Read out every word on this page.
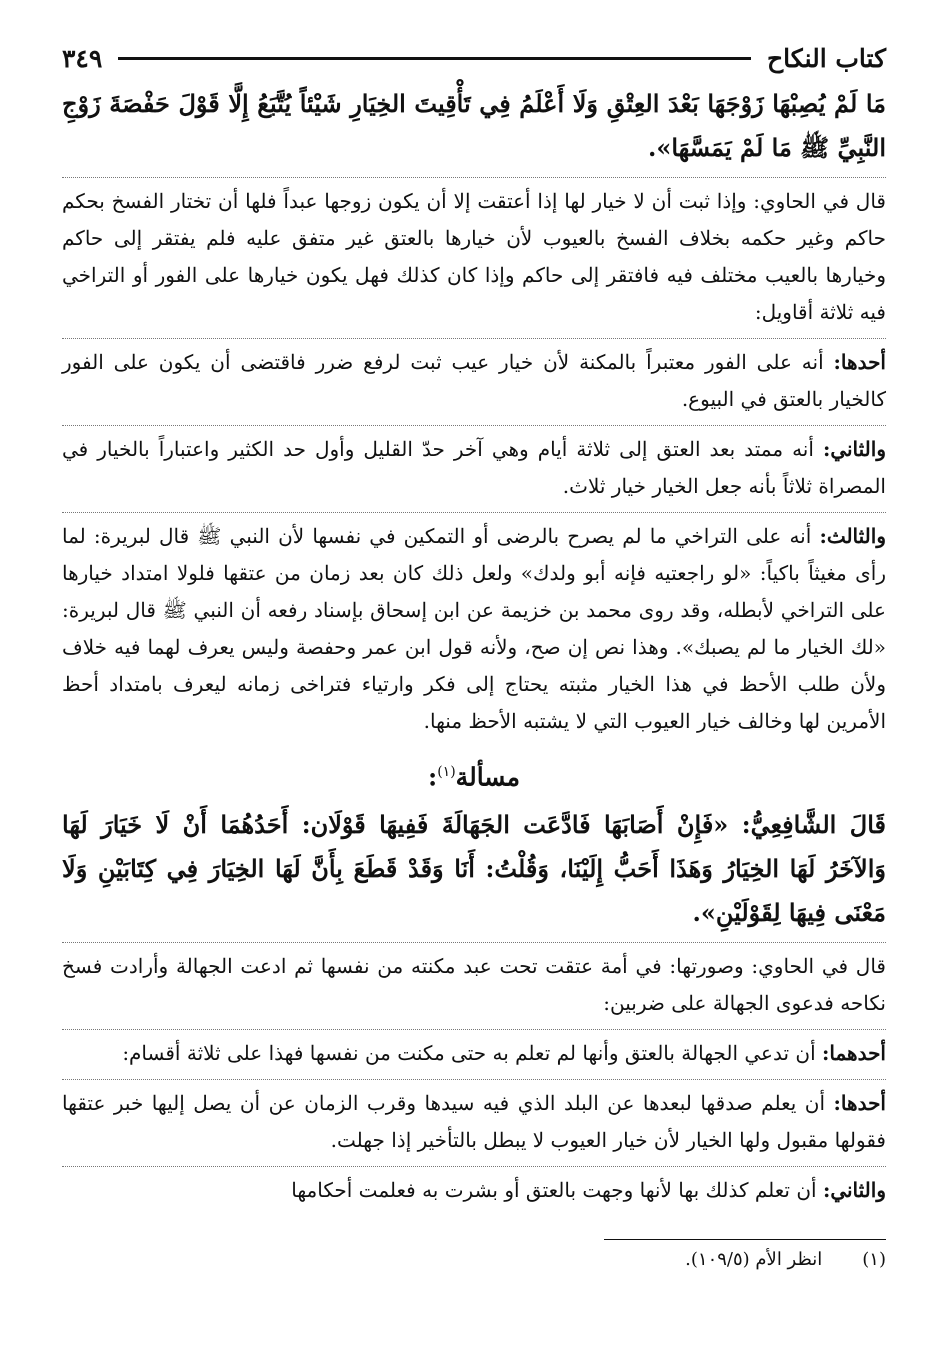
كتاب النكاح
٣٤٩

مَا لَمْ يُصِبْهَا زَوْجَهَا بَعْدَ العِتْقِ وَلَا أَعْلَمُ فِي تَأْقِيتَ الخِيَارِ شَيْئاً يُتَّبَعُ إِلَّا قَوْلَ حَفْصَةَ زَوْجِ النَّبِيِّ ﷺ مَا لَمْ يَمَسَّهَا».

قال في الحاوي: وإذا ثبت أن لا خيار لها إذا أعتقت إلا أن يكون زوجها عبداً فلها أن تختار الفسخ بحكم حاكم وغير حكمه بخلاف الفسخ بالعيوب لأن خيارها بالعتق غير متفق عليه فلم يفتقر إلى حاكم وخيارها بالعيب مختلف فيه فافتقر إلى حاكم وإذا كان كذلك فهل يكون خيارها على الفور أو التراخي فيه ثلاثة أقاويل:

أحدها: أنه على الفور معتبراً بالمكنة لأن خيار عيب ثبت لرفع ضرر فاقتضى أن يكون على الفور كالخيار بالعتق في البيوع.

والثاني: أنه ممتد بعد العتق إلى ثلاثة أيام وهي آخر حدّ القليل وأول حد الكثير واعتباراً بالخيار في المصراة ثلاثاً بأنه جعل الخيار خيار ثلاث.

والثالث: أنه على التراخي ما لم يصرح بالرضى أو التمكين في نفسها لأن النبي ﷺ قال لبريرة: لما رأى مغيثاً باكياً: «لو راجعتيه فإنه أبو ولدك» ولعل ذلك كان بعد زمان من عتقها فلولا امتداد خيارها على التراخي لأبطله، وقد روى محمد بن خزيمة عن ابن إسحاق بإسناد رفعه أن النبي ﷺ قال لبريرة: «لك الخيار ما لم يصبك». وهذا نص إن صح، ولأنه قول ابن عمر وحفصة وليس يعرف لهما فيه خلاف ولأن طلب الأحظ في هذا الخيار مثبته يحتاج إلى فكر وارتياء فتراخى زمانه ليعرف بامتداد أحظ الأمرين لها وخالف خيار العيوب التي لا يشتبه الأحظ منها.

مسألة$^{(١)}$:

قَالَ الشَّافِعِيُّ: «فَإِنْ أَصَابَهَا فَادَّعَت الجَهَالَةَ فَفِيهَا قَوْلَان: أَحَدُهُمَا أَنْ لَا خَيَارَ لَهَا وَالآخَرُ لَهَا الخِيَارُ وَهَذَا أَحَبُّ إِلَيْنَا، وَقُلْتُ: أَنَا وَقَدْ قَطَعَ بِأَنَّ لَهَا الخِيَارَ فِي كِتَابَيْنِ وَلَا مَعْنَى فِيهَا لِقَوْلَيْنِ».

قال في الحاوي: وصورتها: في أمة عتقت تحت عبد مكنته من نفسها ثم ادعت الجهالة وأرادت فسخ نكاحه فدعوى الجهالة على ضربين:

أحدهما: أن تدعي الجهالة بالعتق وأنها لم تعلم به حتى مكنت من نفسها فهذا على ثلاثة أقسام:

أحدها: أن يعلم صدقها لبعدها عن البلد الذي فيه سيدها وقرب الزمان عن أن يصل إليها خبر عتقها فقولها مقبول ولها الخيار لأن خيار العيوب لا يبطل بالتأخير إذا جهلت.

والثاني: أن تعلم كذلك بها لأنها وجهت بالعتق أو بشرت به فعلمت أحكامها

(١)انظر الأم (١٠٩/٥).
